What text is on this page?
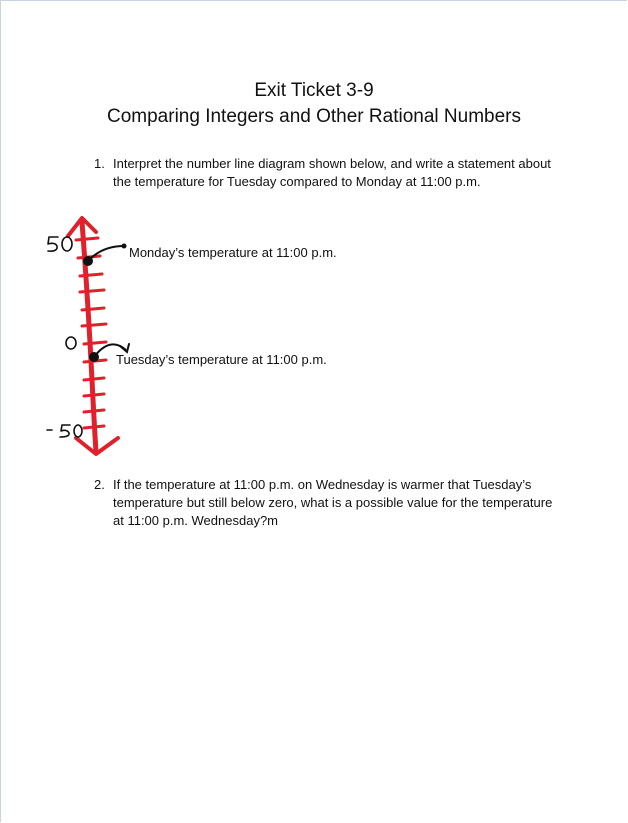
Exit Ticket 3-9
Comparing Integers and Other Rational Numbers
1. Interpret the number line diagram shown below, and write a statement about the temperature for Tuesday compared to Monday at 11:00 p.m.
Monday’s temperature at 11:00 p.m.
Tuesday’s temperature at 11:00 p.m.
2. If the temperature at 11:00 p.m. on Wednesday is warmer that Tuesday’s temperature but still below zero, what is a possible value for the temperature at 11:00 p.m. Wednesday?m
